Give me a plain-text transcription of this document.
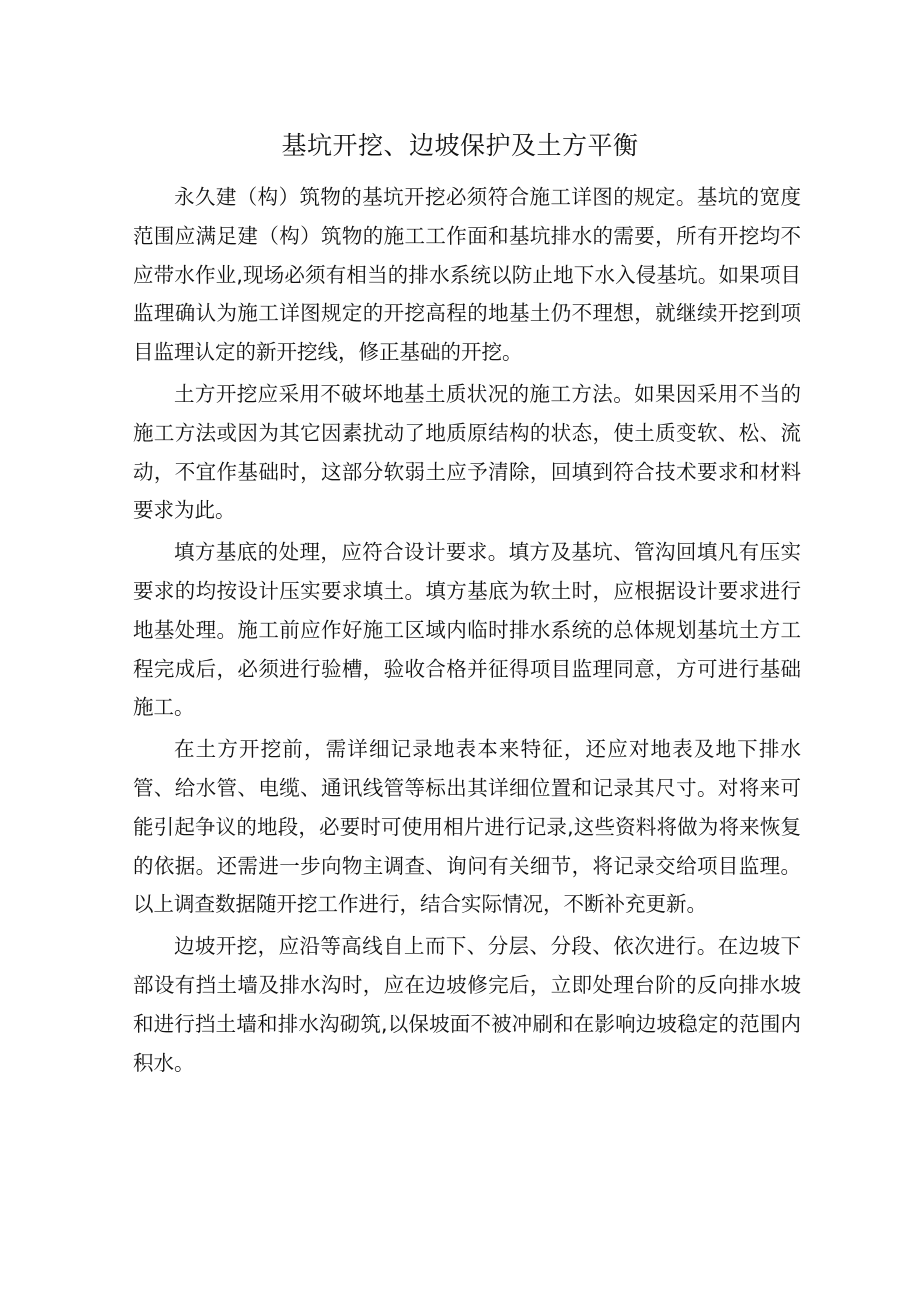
基坑开挖、边坡保护及土方平衡

永久建（构）筑物的基坑开挖必须符合施工详图的规定。基坑的宽度范围应满足建（构）筑物的施工工作面和基坑排水的需要，所有开挖均不应带水作业,现场必须有相当的排水系统以防止地下水入侵基坑。如果项目监理确认为施工详图规定的开挖高程的地基土仍不理想，就继续开挖到项目监理认定的新开挖线，修正基础的开挖。

土方开挖应采用不破坏地基土质状况的施工方法。如果因采用不当的施工方法或因为其它因素扰动了地质原结构的状态，使土质变软、松、流动，不宜作基础时，这部分软弱土应予清除，回填到符合技术要求和材料要求为此。

填方基底的处理，应符合设计要求。填方及基坑、管沟回填凡有压实要求的均按设计压实要求填土。填方基底为软土时，应根据设计要求进行地基处理。施工前应作好施工区域内临时排水系统的总体规划基坑土方工程完成后，必须进行验槽，验收合格并征得项目监理同意，方可进行基础施工。

在土方开挖前，需详细记录地表本来特征，还应对地表及地下排水管、给水管、电缆、通讯线管等标出其详细位置和记录其尺寸。对将来可能引起争议的地段，必要时可使用相片进行记录,这些资料将做为将来恢复的依据。还需进一步向物主调查、询问有关细节，将记录交给项目监理。以上调查数据随开挖工作进行，结合实际情况，不断补充更新。

边坡开挖，应沿等高线自上而下、分层、分段、依次进行。在边坡下部设有挡土墙及排水沟时，应在边坡修完后，立即处理台阶的反向排水坡和进行挡土墙和排水沟砌筑,以保坡面不被冲刷和在影响边坡稳定的范围内积水。
